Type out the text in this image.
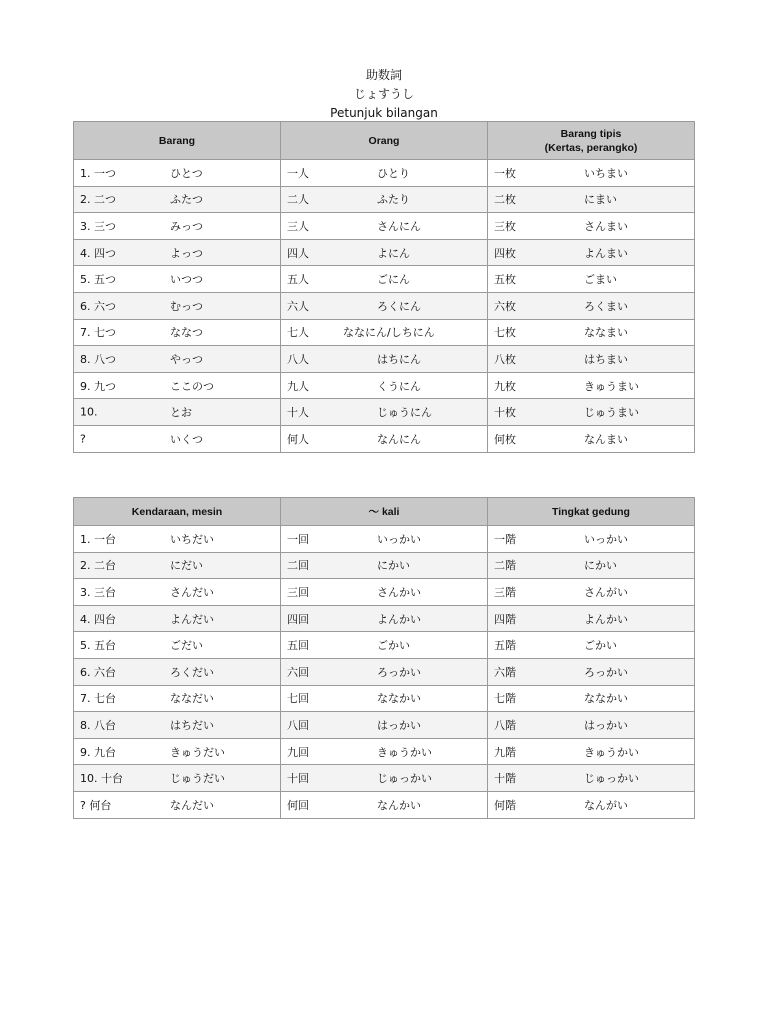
助数詞
じょすうし
Petunjuk bilangan
Barang	Orang	Barang tipis
(Kertas, perangko)

1. 一つ ひとつ	一人 ひとり	一枚 いちまい

2. 二つ ふたつ	二人 ふたり	二枚 にまい

3. 三つ みっつ	三人 さんにん	三枚 さんまい

4. 四つ よっつ	四人 よにん	四枚 よんまい

5. 五つ いつつ	五人 ごにん	五枚 ごまい

6. 六つ むっつ	六人 ろくにん	六枚 ろくまい

7. 七つ ななつ	七人 ななにん/しちにん	七枚 ななまい

8. 八つ やっつ	八人 はちにん	八枚 はちまい

9. 九つ ここのつ	九人 くうにん	九枚 きゅうまい

10. とお	十人 じゅうにん	十枚 じゅうまい

? いくつ	何人 なんにん	何枚 なんまい
Kendaraan, mesin	〜 kali	Tingkat gedung

1. 一台 いちだい	一回 いっかい	一階 いっかい

2. 二台 にだい	二回 にかい	二階 にかい

3. 三台 さんだい	三回 さんかい	三階 さんがい

4. 四台 よんだい	四回 よんかい	四階 よんかい

5. 五台 ごだい	五回 ごかい	五階 ごかい

6. 六台 ろくだい	六回 ろっかい	六階 ろっかい

7. 七台 ななだい	七回 ななかい	七階 ななかい

8. 八台 はちだい	八回 はっかい	八階 はっかい

9. 九台 きゅうだい	九回 きゅうかい	九階 きゅうかい

10. 十台 じゅうだい	十回 じゅっかい	十階 じゅっかい

? 何台 なんだい	何回 なんかい	何階 なんがい
